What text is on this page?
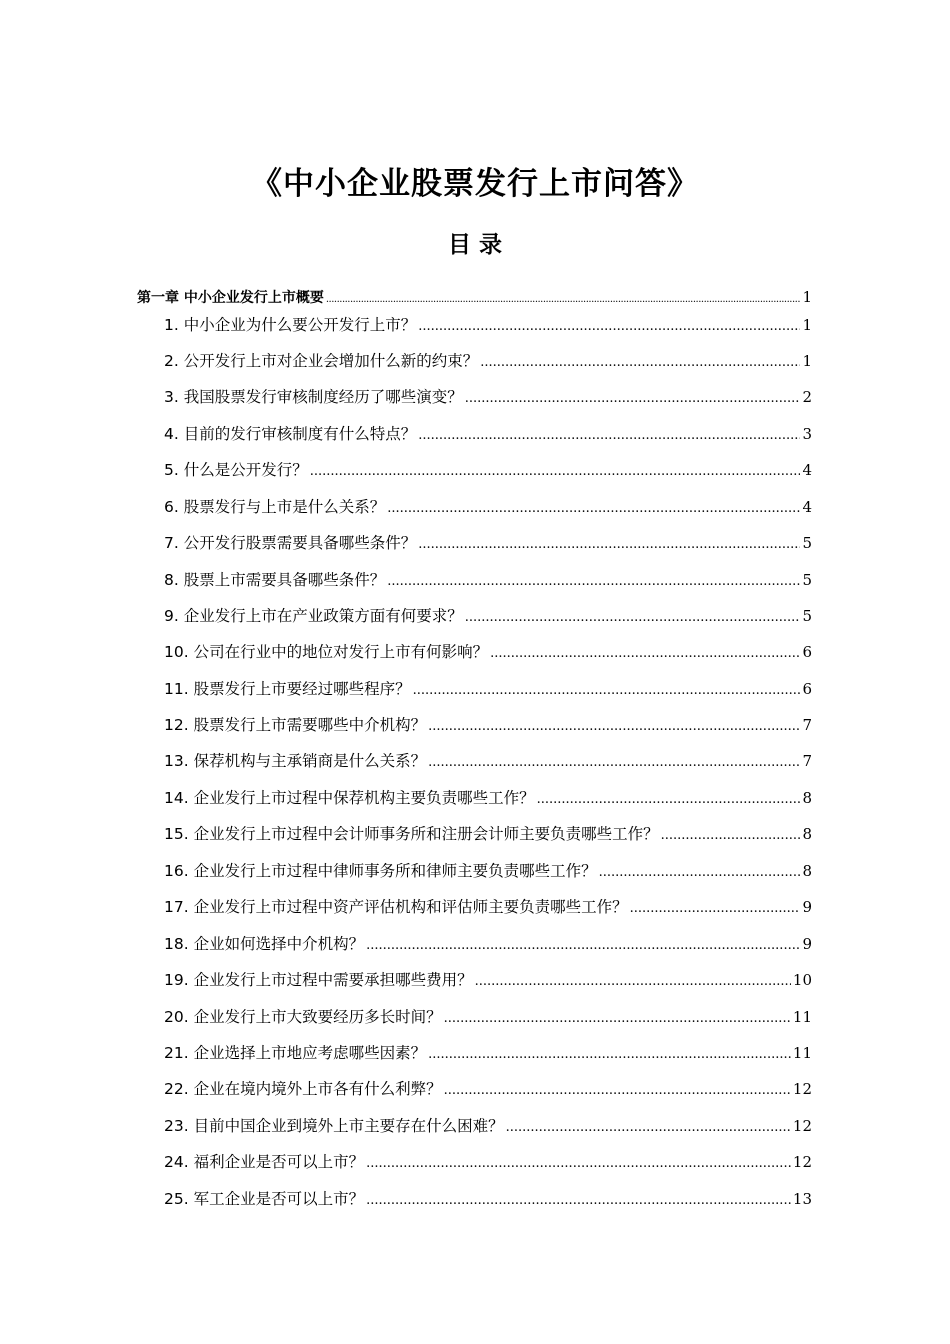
《中小企业股票发行上市问答》
目 录
第一章 中小企业发行上市概要 .....	1
1. 中小企业为什么要公开发行上市？ .....	1
2. 公开发行上市对企业会增加什么新的约束？ .....	1
3. 我国股票发行审核制度经历了哪些演变？ .....	2
4. 目前的发行审核制度有什么特点？ .....	3
5. 什么是公开发行？ .....	4
6. 股票发行与上市是什么关系？ .....	4
7. 公开发行股票需要具备哪些条件？ .....	5
8. 股票上市需要具备哪些条件？ .....	5
9. 企业发行上市在产业政策方面有何要求？ .....	5
10. 公司在行业中的地位对发行上市有何影响？ .....	6
11. 股票发行上市要经过哪些程序？ .....	6
12. 股票发行上市需要哪些中介机构？ .....	7
13. 保荐机构与主承销商是什么关系？ .....	7
14. 企业发行上市过程中保荐机构主要负责哪些工作？ .....	8
15. 企业发行上市过程中会计师事务所和注册会计师主要负责哪些工作？ .....	8
16. 企业发行上市过程中律师事务所和律师主要负责哪些工作？ .....	8
17. 企业发行上市过程中资产评估机构和评估师主要负责哪些工作？ .....	9
18. 企业如何选择中介机构？ .....	9
19. 企业发行上市过程中需要承担哪些费用？ .....	10
20. 企业发行上市大致要经历多长时间？ .....	11
21. 企业选择上市地应考虑哪些因素？ .....	11
22. 企业在境内境外上市各有什么利弊？ .....	12
23. 目前中国企业到境外上市主要存在什么困难？ .....	12
24. 福利企业是否可以上市？ .....	12
25. 军工企业是否可以上市？ .....	13
